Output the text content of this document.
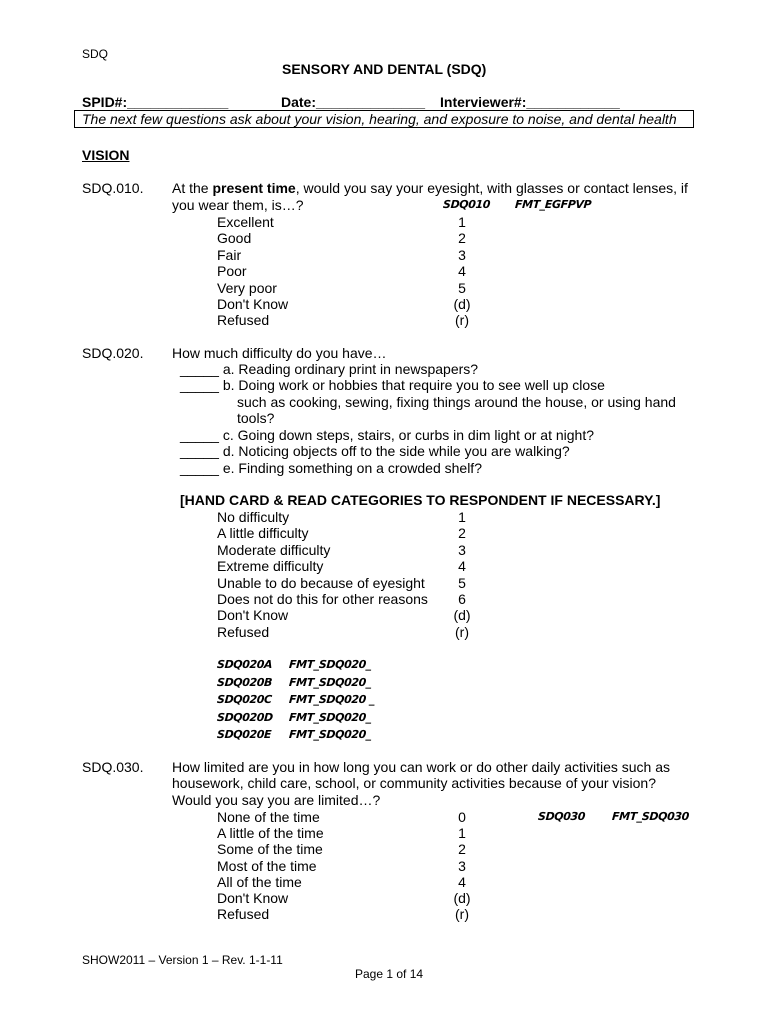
SDQ
SENSORY AND DENTAL (SDQ)
SPID#:_____________	Date:______________ Interviewer#:____________
The next few questions ask about your vision, hearing, and exposure to noise, and dental health
VISION
SDQ.010. At the present time, would you say your eyesight, with glasses or contact lenses, if
you wear them, is…?	SDQ010 FMT_EGFPVP
Excellent	1
Good	2
Fair	3
Poor	4
Very poor	5
Don't Know	(d)
Refused	(r)
SDQ.020. How much difficulty do you have…
_____ a. Reading ordinary print in newspapers?
_____ b. Doing work or hobbies that require you to see well up close
such as cooking, sewing, fixing things around the house, or using hand
tools?
_____ c. Going down steps, stairs, or curbs in dim light or at night?
_____ d. Noticing objects off to the side while you are walking?
_____ e. Finding something on a crowded shelf?
[HAND CARD & READ CATEGORIES TO RESPONDENT IF NECESSARY.]
No difficulty	1
A little difficulty	2
Moderate difficulty	3
Extreme difficulty	4
Unable to do because of eyesight	5
Does not do this for other reasons	6
Don't Know	(d)
Refused	(r)
SDQ020A FMT_SDQ020_
SDQ020B FMT_SDQ020_
SDQ020C FMT_SDQ020 _
SDQ020D FMT_SDQ020_
SDQ020E FMT_SDQ020_
SDQ.030. How limited are you in how long you can work or do other daily activities such as
housework, child care, school, or community activities because of your vision?
Would you say you are limited…?
SDQ030 FMT_SDQ030
None of the time	0
A little of the time	1
Some of the time	2
Most of the time	3
All of the time	4
Don't Know	(d)
Refused	(r)
SHOW2011 – Version 1 – Rev. 1-1-11
Page 1 of 14
